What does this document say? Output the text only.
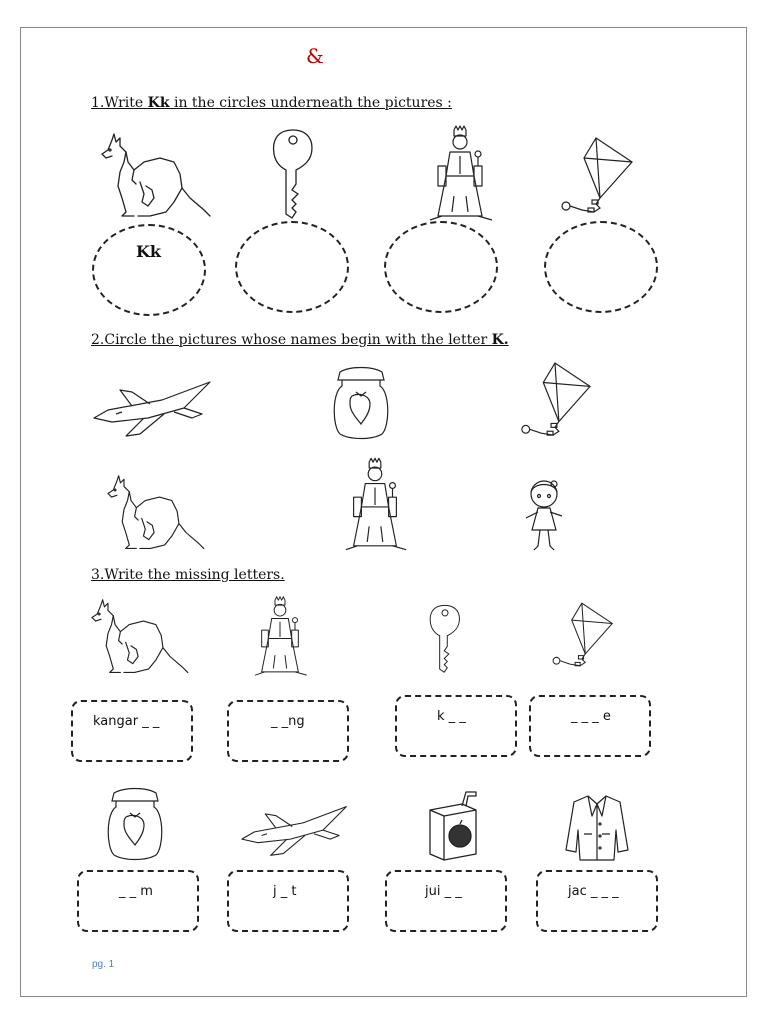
&
1.Write Kk in the circles underneath the pictures :
Kk
2.Circle the pictures whose names begin with the letter K.
3.Write the missing letters.
kangar _ _	_ _ng	k _ _	_ _ _ e
_ _ m	j _ t	jui _ _	jac _ _ _
pg. 1
